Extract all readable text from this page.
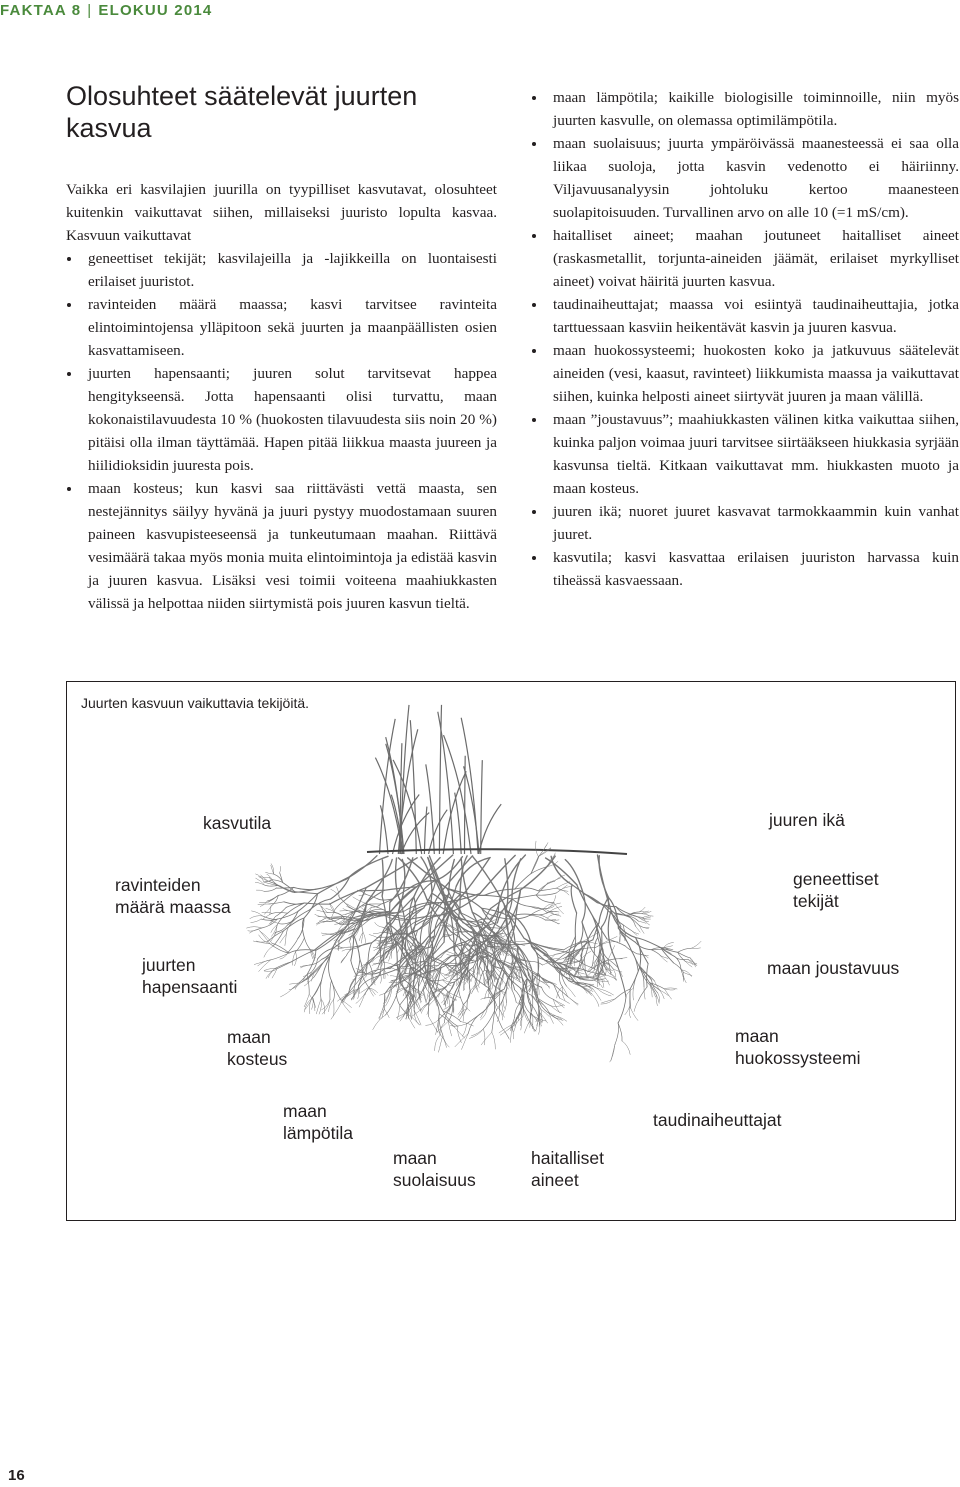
FAKTAA 8 | ELOKUU 2014
Olosuhteet säätelevät juurten kasvua

Vaikka eri kasvilajien juurilla on tyypilliset kasvutavat, olosuhteet kuitenkin vaikuttavat siihen, millaiseksi juuristo lopulta kasvaa. Kasvuun vaikuttavat

geneettiset tekijät; kasvilajeilla ja -lajikkeilla on luontaisesti erilaiset juuristot.
ravinteiden määrä maassa; kasvi tarvitsee ravinteita elintoimintojensa ylläpitoon sekä juurten ja maanpäällisten osien kasvattamiseen.
juurten hapensaanti; juuren solut tarvitsevat happea hengitykseensä. Jotta hapensaanti olisi turvattu, maan kokonaistilavuudesta 10 % (huokosten tilavuudesta siis noin 20 %) pitäisi olla ilman täyttämää. Hapen pitää liikkua maasta juureen ja hiilidioksidin juuresta pois.
maan kosteus; kun kasvi saa riittävästi vettä maasta, sen nestejännitys säilyy hyvänä ja juuri pystyy muodostamaan suuren paineen kasvupisteeseensä ja tunkeutumaan maahan. Riittävä vesimäärä takaa myös monia muita elintoimintoja ja edistää kasvin ja juuren kasvua. Lisäksi vesi toimii voiteena maahiukkasten välissä ja helpottaa niiden siirtymistä pois juuren kasvun tieltä.
maan lämpötila; kaikille biologisille toiminnoille, niin myös juurten kasvulle, on olemassa optimilämpötila.
maan suolaisuus; juurta ympäröivässä maanesteessä ei saa olla liikaa suoloja, jotta kasvin vedenotto ei häiriinny. Viljavuusanalyysin johtoluku kertoo maanesteen suolapitoisuuden. Turvallinen arvo on alle 10 (=1 mS/cm).
haitalliset aineet; maahan joutuneet haitalliset aineet (raskasmetallit, torjunta-aineiden jäämät, erilaiset myrkylliset aineet) voivat häiritä juurten kasvua.
taudinaiheuttajat; maassa voi esiintyä taudinaiheuttajia, jotka tarttuessaan kasviin heikentävät kasvin ja juuren kasvua.
maan huokossysteemi; huokosten koko ja jatkuvuus säätelevät aineiden (vesi, kaasut, ravinteet) liikkumista maassa ja vaikuttavat siihen, kuinka helposti aineet siirtyvät juuren ja maan välillä.
maan ”joustavuus”; maahiukkasten välinen kitka vaikuttaa siihen, kuinka paljon voimaa juuri tarvitsee siirtääkseen hiukkasia syrjään kasvunsa tieltä. Kitkaan vaikuttavat mm. hiukkasten muoto ja maan kosteus.
juuren ikä; nuoret juuret kasvavat tarmokkaammin kuin vanhat juuret.
kasvutila; kasvi kasvattaa erilaisen juuriston harvassa kuin tiheässä kasvaessaan.

Juurten kasvuun vaikuttavia tekijöitä.

kasvutila

ravinteiden

määrä maassa

juurten

hapensaanti

maan

kosteus

maan

lämpötila

maan

suolaisuus

haitalliset

aineet

taudinaiheuttajat

maan

huokossysteemi

maan joustavuus

geneettiset

tekijät

juuren ikä

16
